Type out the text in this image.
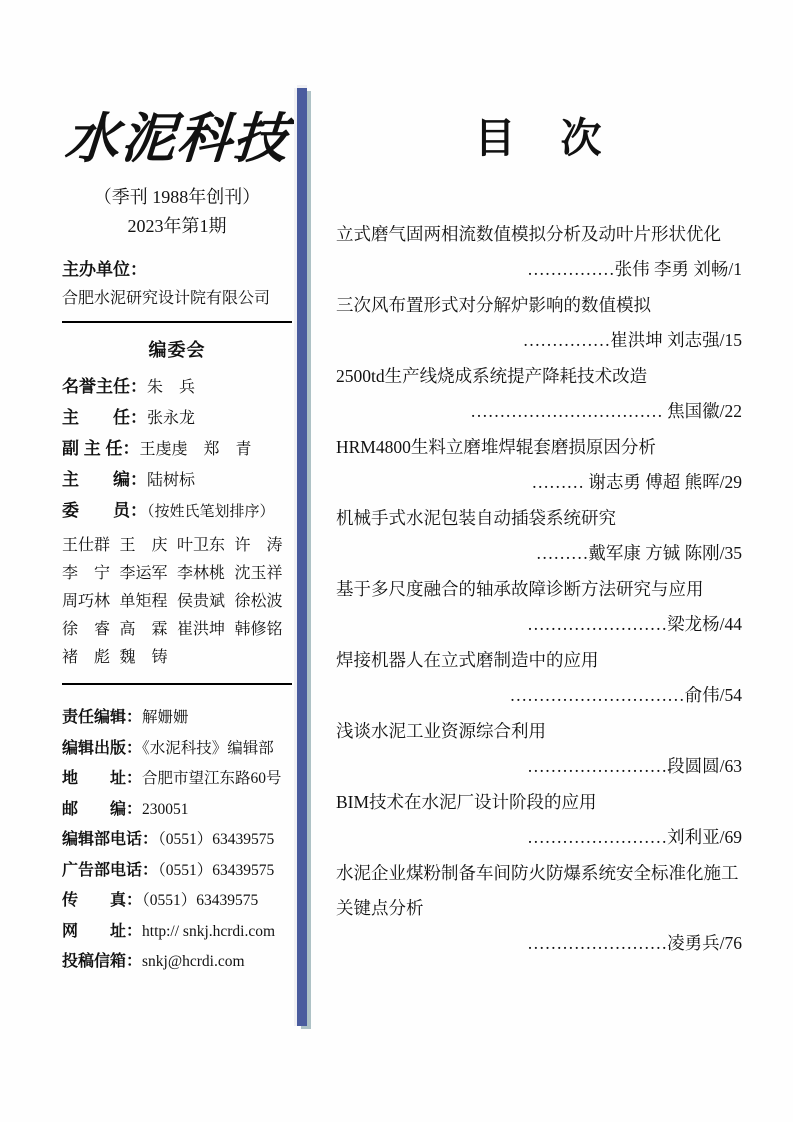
水泥科技
（季刊 1988年创刊）
2023年第1期
主办单位：
合肥水泥研究设计院有限公司
编委会
名誉主任：朱　兵
主　　任：张永龙
副 主 任：王虔虔　郑　青
主　　编：陆树标
委　　员：（按姓氏笔划排序）
王仕群 王　庆 叶卫东 许　涛
李　宁 李运军 李林桃 沈玉祥
周巧林 单矩程 侯贵斌 徐松波
徐　睿 高　霖 崔洪坤 韩修铭
褚　彪 魏　铸
责任编辑：解姗姗
编辑出版：《水泥科技》编辑部
地　　址：合肥市望江东路60号
邮　　编：230051
编辑部电话：（0551）63439575
广告部电话：（0551）63439575
传　　真：（0551）63439575
网　　址：http:// snkj.hcrdi.com
投稿信箱：snkj@hcrdi.com
目　次
立式磨气固两相流数值模拟分析及动叶片形状优化
……………张伟 李勇 刘畅/1
三次风布置形式对分解炉影响的数值模拟
……………崔洪坤 刘志强/15
2500td生产线烧成系统提产降耗技术改造
…………………………… 焦国徽/22
HRM4800生料立磨堆焊辊套磨损原因分析
……… 谢志勇 傅超 熊晖/29
机械手式水泥包装自动插袋系统研究
………戴军康 方铖 陈刚/35
基于多尺度融合的轴承故障诊断方法研究与应用
……………………梁龙杨/44
焊接机器人在立式磨制造中的应用
…………………………俞伟/54
浅谈水泥工业资源综合利用
……………………段圆圆/63
BIM技术在水泥厂设计阶段的应用
……………………刘利亚/69
水泥企业煤粉制备车间防火防爆系统安全标准化施工关键点分析
……………………凌勇兵/76
